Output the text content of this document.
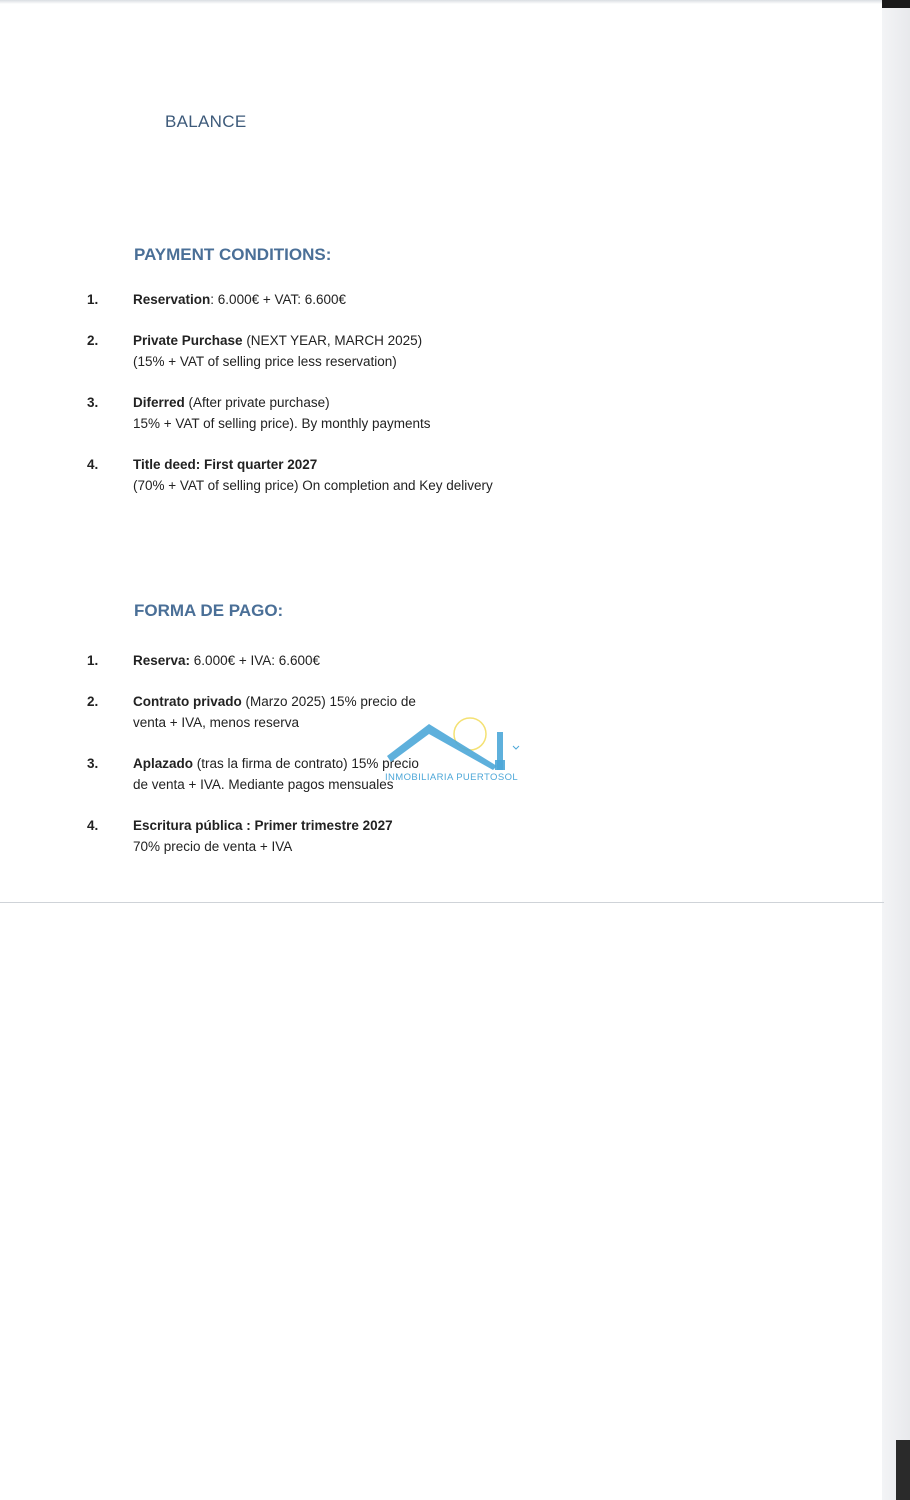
BALANCE
PAYMENT CONDITIONS:
1.	Reservation: 6.000€ + VAT: 6.600€
2.	Private Purchase (NEXT YEAR, MARCH 2025)
(15% + VAT of selling price less reservation)
3.	Diferred (After private purchase)
15% + VAT of selling price). By monthly payments
4.	Title deed: First quarter 2027
(70% + VAT of selling price) On completion and Key delivery
FORMA DE PAGO:
1.	Reserva: 6.000€ + IVA: 6.600€
2.	Contrato privado (Marzo 2025) 15% precio de
venta + IVA, menos reserva
3.	Aplazado (tras la firma de contrato) 15% precio
de venta + IVA. Mediante pagos mensuales
4.	Escritura pública : Primer trimestre 2027
70% precio de venta + IVA
INMOBILIARIA PUERTOSOL
